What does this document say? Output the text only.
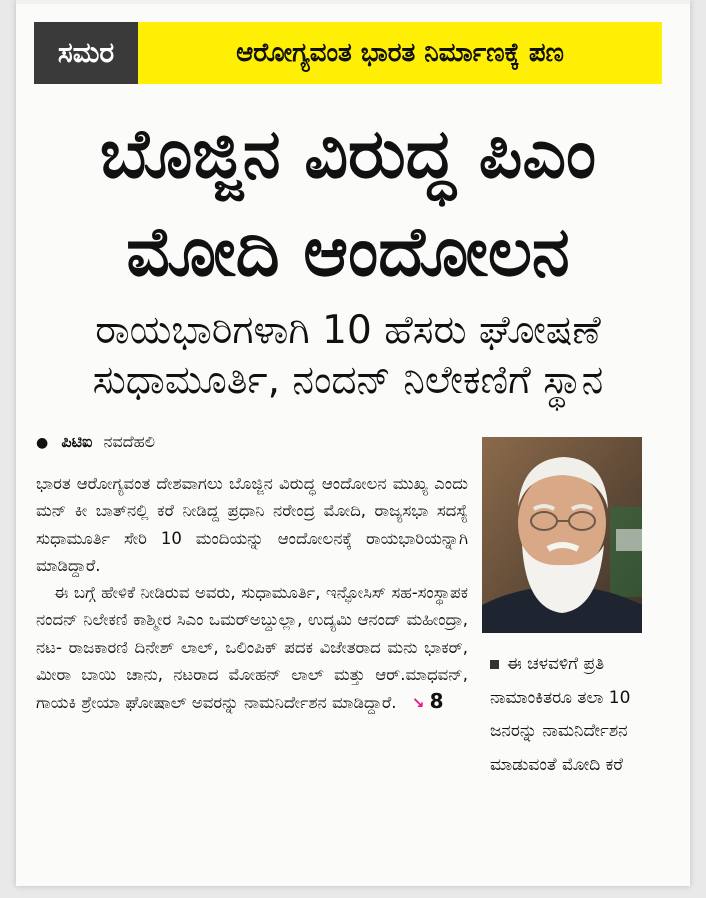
ಸಮರ	ಆರೋಗ್ಯವಂತ ಭಾರತ ನಿರ್ಮಾಣಕ್ಕೆ ಪಣ
ಬೊಜ್ಜಿನ ವಿರುದ್ಧ ಪಿಎಂ
ಮೋದಿ ಆಂದೋಲನ
ರಾಯಭಾರಿಗಳಾಗಿ 10 ಹೆಸರು ಘೋಷಣೆ
ಸುಧಾಮೂರ್ತಿ, ನಂದನ್ ನಿಲೇಕಣಿಗೆ ಸ್ಥಾನ
● ಪಿಟಿಐ ನವದೆಹಲಿ

ಭಾರತ ಆರೋಗ್ಯವಂತ ದೇಶವಾಗಲು ಬೊಜ್ಜಿನ ವಿರುದ್ಧ ಆಂದೋಲನ ಮುಖ್ಯ ಎಂದು ಮನ್ ಕೀ ಬಾತ್‌ನಲ್ಲಿ ಕರೆ ನೀಡಿದ್ದ ಪ್ರಧಾನಿ ನರೇಂದ್ರ ಮೋದಿ, ರಾಜ್ಯಸಭಾ ಸದಸ್ಯೆ ಸುಧಾಮೂರ್ತಿ ಸೇರಿ 10 ಮಂದಿಯನ್ನು ಆಂದೋಲನಕ್ಕೆ ರಾಯಭಾರಿಯನ್ನಾಗಿ ಮಾಡಿದ್ದಾರೆ.

ಈ ಬಗ್ಗೆ ಹೇಳಿಕೆ ನೀಡಿರುವ ಅವರು, ಸುಧಾಮೂರ್ತಿ, ಇನ್ಫೋಸಿಸ್ ಸಹ-ಸಂಸ್ಥಾಪಕ ನಂದನ್ ನಿಲೇಕಣಿ ಕಾಶ್ಮೀರ ಸಿಎಂ ಒಮರ್‌ಅಬ್ದುಲ್ಲಾ, ಉದ್ಯಮಿ ಆನಂದ್ ಮಹೀಂದ್ರಾ, ನಟ- ರಾಜಕಾರಣಿ ದಿನೇಶ್ ಲಾಲ್, ಒಲಿಂಪಿಕ್ ಪದಕ ವಿಜೇತರಾದ ಮನು ಭಾಕರ್, ಮೀರಾ ಬಾಯಿ ಚಾನು, ನಟರಾದ ಮೋಹನ್ ಲಾಲ್ ಮತ್ತು ಆರ್.ಮಾಧವನ್, ಗಾಯಕಿ ಶ್ರೇಯಾ ಘೋಷಾಲ್ ಅವರನ್ನು ನಾಮನಿರ್ದೇಶನ ಮಾಡಿದ್ದಾರೆ. ↘ 8

ಈ ಚಳವಳಿಗೆ ಪ್ರತಿ ನಾಮಾಂಕಿತರೂ ತಲಾ 10 ಜನರನ್ನು ನಾಮನಿರ್ದೇಶನ ಮಾಡುವಂತೆ ಮೋದಿ ಕರೆ
